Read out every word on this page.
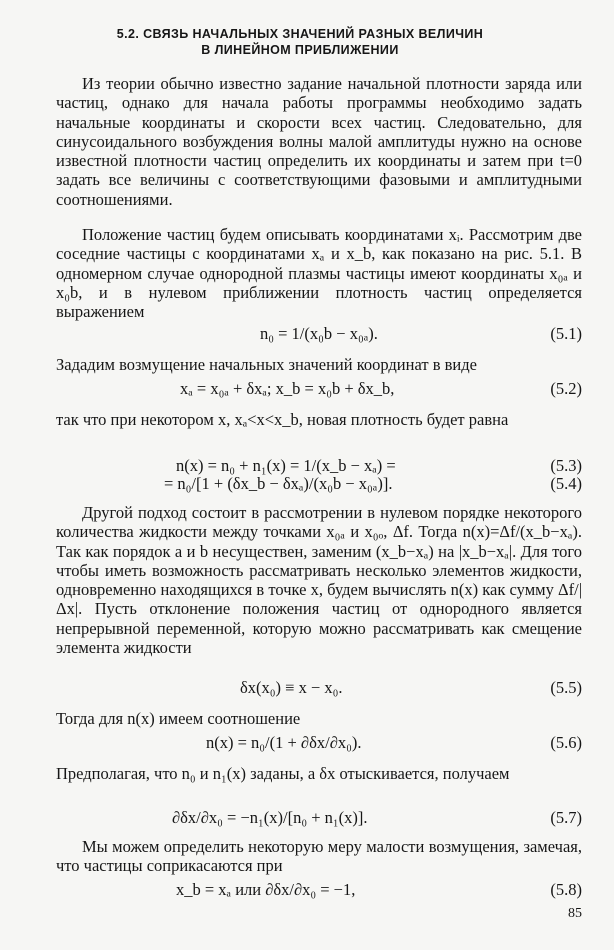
5.2. СВЯЗЬ НАЧАЛЬНЫХ ЗНАЧЕНИЙ РАЗНЫХ ВЕЛИЧИН
В ЛИНЕЙНОМ ПРИБЛИЖЕНИИ
Из теории обычно известно задание начальной плотности заряда или частиц, однако для начала работы программы необходимо задать начальные координаты и скорости всех частиц. Следовательно, для синусоидального возбуждения волны малой амплитуды нужно на основе известной плотности частиц определить их координаты и затем при t=0 задать все величины с соответствующими фазовыми и амплитудными соотношениями.
Положение частиц будем описывать координатами xᵢ. Рассмотрим две соседние частицы с координатами xₐ и x_b, как показано на рис. 5.1. В одномерном случае однородной плазмы частицы имеют координаты x₀ₐ и x₀b, и в нулевом приближении плотность частиц определяется выражением
n₀ = 1/(x₀b − x₀ₐ).	(5.1)
Зададим возмущение начальных значений координат в виде
xₐ = x₀ₐ + δxₐ; x_b = x₀b + δx_b,	(5.2)
так что при некотором x, xₐ<x<x_b, новая плотность будет равна
n(x) = n₀ + n₁(x) = 1/(x_b − xₐ) =	(5.3)
= n₀/[1 + (δx_b − δxₐ)/(x₀b − x₀ₐ)].	(5.4)
Другой подход состоит в рассмотрении в нулевом порядке некоторого количества жидкости между точками x₀ₐ и x₀ₒ, Δf. Тогда n(x)=Δf/(x_b−xₐ). Так как порядок a и b несуществен, заменим (x_b−xₐ) на |x_b−xₐ|. Для того чтобы иметь возможность рассматривать несколько элементов жидкости, одновременно находящихся в точке x, будем вычислять n(x) как сумму Δf/|Δx|. Пусть отклонение положения частиц от однородного является непрерывной переменной, которую можно рассматривать как смещение элемента жидкости
δx(x₀) ≡ x − x₀.	(5.5)
Тогда для n(x) имеем соотношение
n(x) = n₀/(1 + ∂δx/∂x₀).	(5.6)
Предполагая, что n₀ и n₁(x) заданы, а δx отыскивается, получаем
∂δx/∂x₀ = −n₁(x)/[n₀ + n₁(x)].	(5.7)
Мы можем определить некоторую меру малости возмущения, замечая, что частицы соприкасаются при
x_b = xₐ или ∂δx/∂x₀ = −1,	(5.8)
85
